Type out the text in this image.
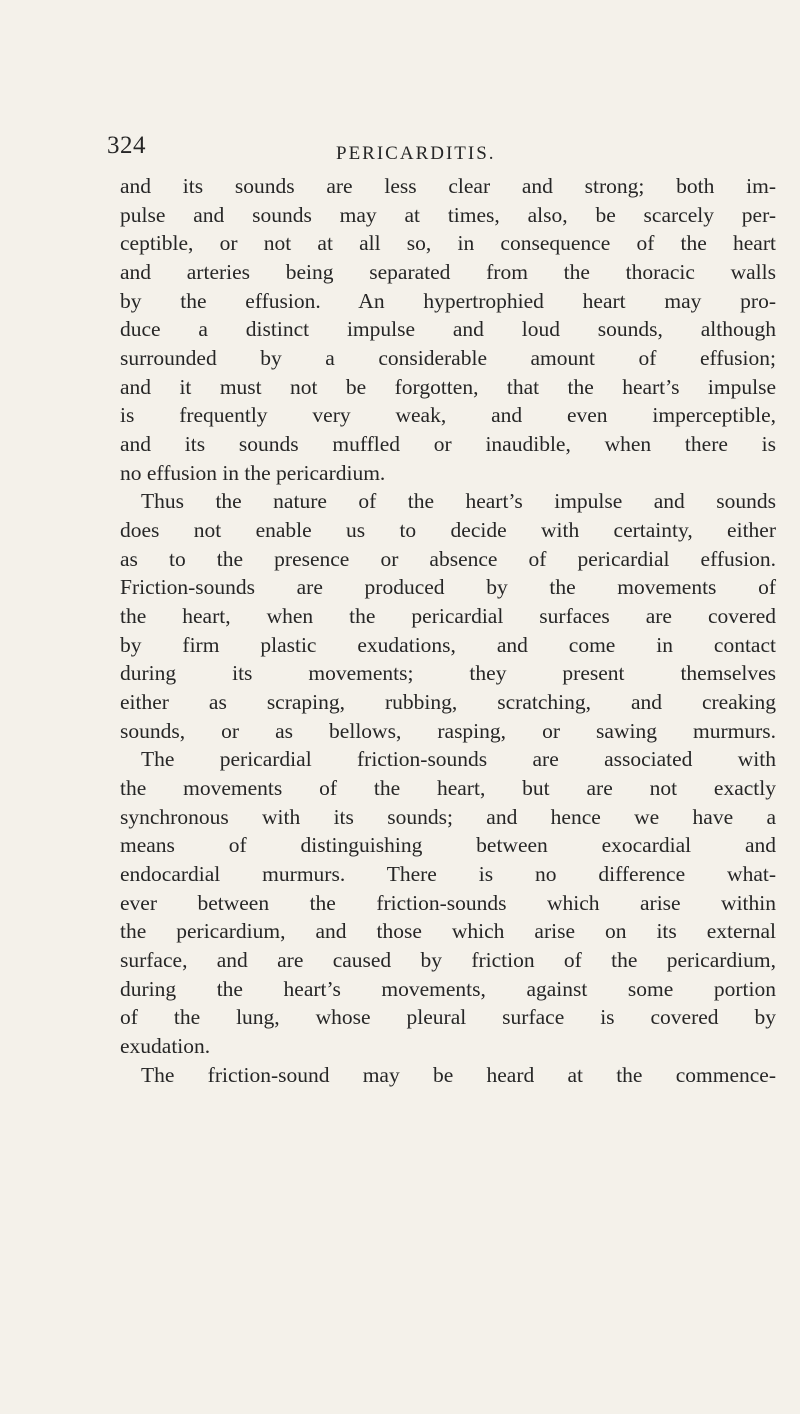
324	PERICARDITIS.
and its sounds are less clear and strong; both im-
pulse and sounds may at times, also, be scarcely per-
ceptible, or not at all so, in consequence of the heart
and arteries being separated from the thoracic walls
by the effusion. An hypertrophied heart may pro-
duce a distinct impulse and loud sounds, although
surrounded by a considerable amount of effusion;
and it must not be forgotten, that the heart’s impulse
is frequently very weak, and even imperceptible,
and its sounds muffled or inaudible, when there is
no effusion in the pericardium.
Thus the nature of the heart’s impulse and sounds
does not enable us to decide with certainty, either
as to the presence or absence of pericardial effusion.
Friction-sounds are produced by the movements of
the heart, when the pericardial surfaces are covered
by firm plastic exudations, and come in contact
during its movements; they present themselves
either as scraping, rubbing, scratching, and creaking
sounds, or as bellows, rasping, or sawing murmurs.
The pericardial friction-sounds are associated with
the movements of the heart, but are not exactly
synchronous with its sounds; and hence we have a
means of distinguishing between exocardial and
endocardial murmurs. There is no difference what-
ever between the friction-sounds which arise within
the pericardium, and those which arise on its external
surface, and are caused by friction of the pericardium,
during the heart’s movements, against some portion
of the lung, whose pleural surface is covered by
exudation.
The friction-sound may be heard at the commence-
